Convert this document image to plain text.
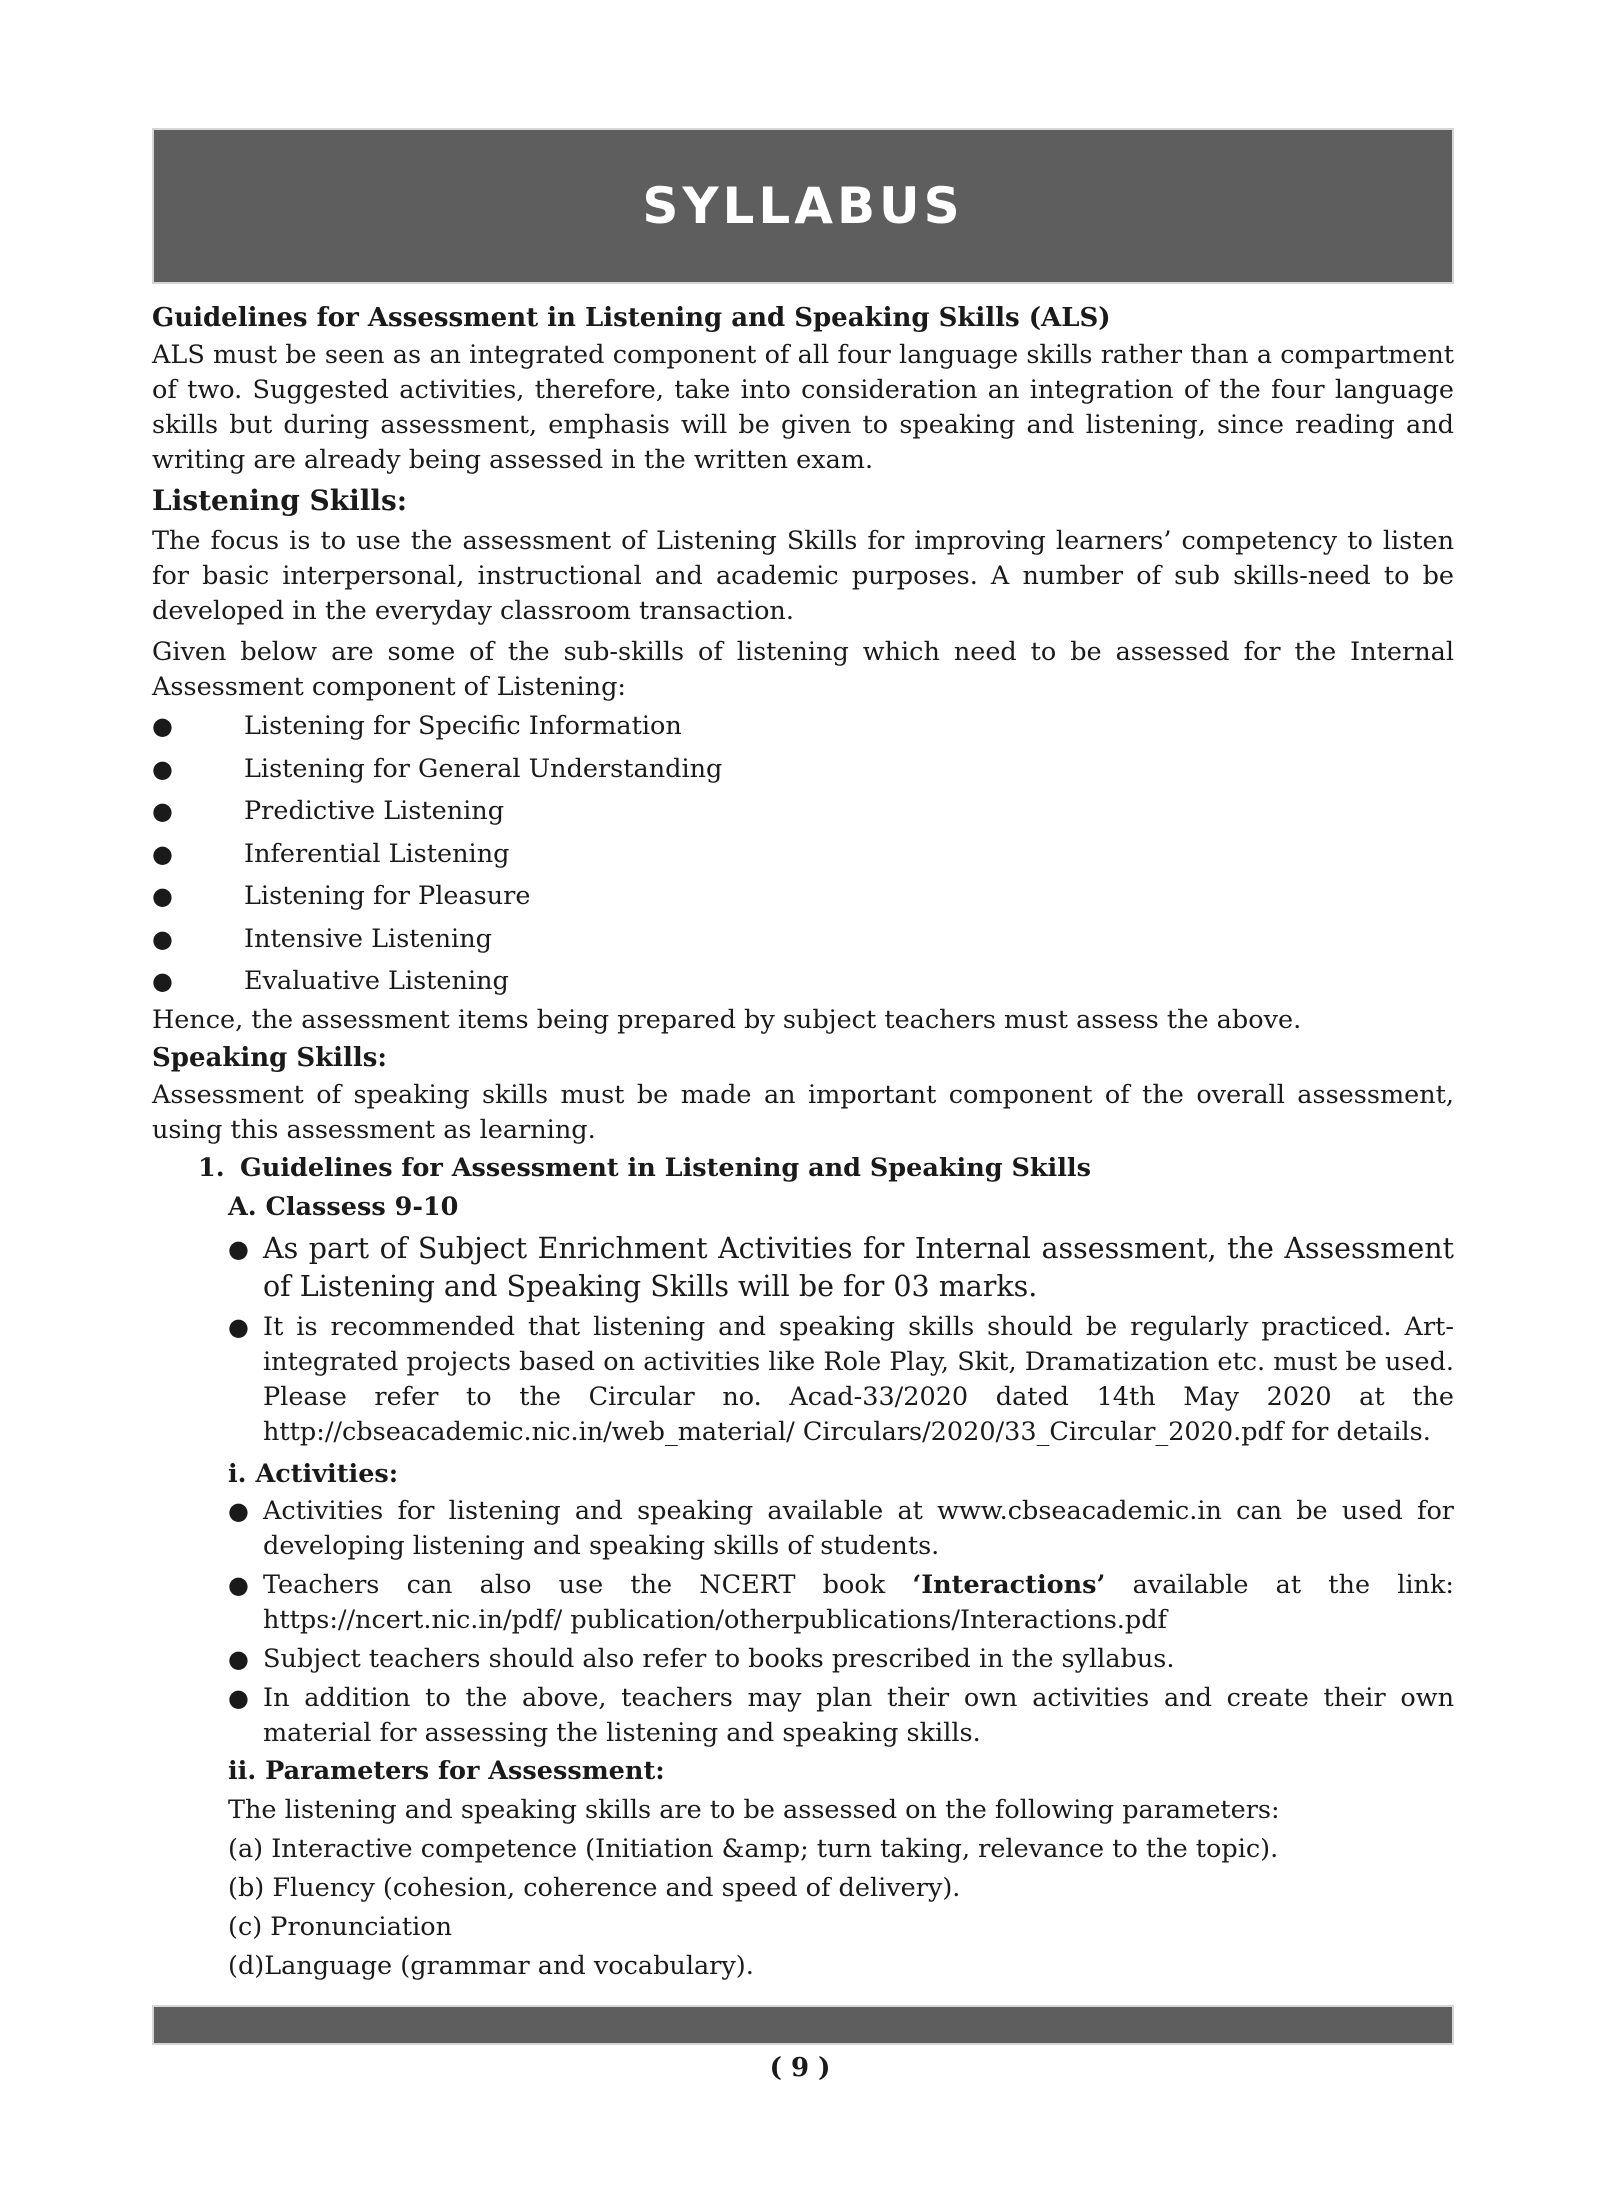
SYLLABUS
Guidelines for Assessment in Listening and Speaking Skills (ALS)

ALS must be seen as an integrated component of all four language skills rather than a compartment of two. Suggested activities, therefore, take into consideration an integration of the four language skills but during assessment, emphasis will be given to speaking and listening, since reading and writing are already being assessed in the written exam.

Listening Skills:

The focus is to use the assessment of Listening Skills for improving learners’ competency to listen for basic interpersonal, instructional and academic purposes. A number of sub skills-need to be developed in the everyday classroom transaction.

Given below are some of the sub-skills of listening which need to be assessed for the Internal Assessment component of Listening:

●	Listening for Specific Information
●	Listening for General Understanding
●	Predictive Listening
●	Inferential Listening
●	Listening for Pleasure
●	Intensive Listening
●	Evaluative Listening

Hence, the assessment items being prepared by subject teachers must assess the above.

Speaking Skills:

Assessment of speaking skills must be made an important component of the overall assessment, using this assessment as learning.

1. Guidelines for Assessment in Listening and Speaking Skills
A. Classess 9-10
● As part of Subject Enrichment Activities for Internal assessment, the Assessment of Listening and Speaking Skills will be for 03 marks.

● It is recommended that listening and speaking skills should be regularly practiced. Art-integrated projects based on activities like Role Play, Skit, Dramatization etc. must be used. Please refer to the Circular no. Acad-33/2020 dated 14th May 2020 at the http://cbseacademic.nic.in/web_material/ Circulars/2020/33_Circular_2020.pdf for details.

i. Activities:
● Activities for listening and speaking available at www.cbseacademic.in can be used for developing listening and speaking skills of students.

● Teachers can also use the NCERT book ‘Interactions’ available at the link: https://ncert.nic.in/pdf/ publication/otherpublications/Interactions.pdf

● Subject teachers should also refer to books prescribed in the syllabus.

● In addition to the above, teachers may plan their own activities and create their own material for assessing the listening and speaking skills.

ii. Parameters for Assessment:

The listening and speaking skills are to be assessed on the following parameters:

(a) Interactive competence (Initiation &amp; turn taking, relevance to the topic).

(b) Fluency (cohesion, coherence and speed of delivery).

(c) Pronunciation

(d)Language (grammar and vocabulary).

( 9 )
